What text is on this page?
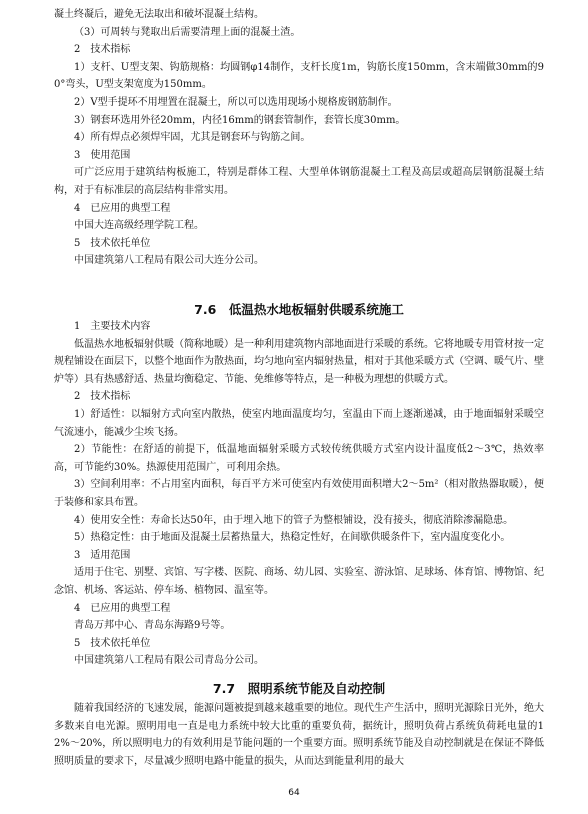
凝土终凝后，避免无法取出和破坏混凝土结构。

（3）可周转与凳取出后需要清理上面的混凝土渣。

2　技术指标

1）支杆、U型支架、钩筋规格：均圆钢φ14制作，支杆长度1m，钩筋长度150mm，含末端做30mm的90°弯头，U型支架宽度为150mm。

2）V型手提环不用埋置在混凝土，所以可以选用现场小规格废钢筋制作。

3）钢套环选用外径20mm，内径16mm的钢套管制作，套管长度30mm。

4）所有焊点必须焊牢固，尤其是钢套环与钩筋之间。

3　使用范围

可广泛应用于建筑结构板施工，特别是群体工程、大型单体钢筋混凝土工程及高层或超高层钢筋混凝土结构，对于有标准层的高层结构非常实用。

4　已应用的典型工程

中国大连高级经理学院工程。

5　技术依托单位

中国建筑第八工程局有限公司大连分公司。

7.6　低温热水地板辐射供暖系统施工

1　主要技术内容

低温热水地板辐射供暖（简称地暖）是一种利用建筑物内部地面进行采暖的系统。它将地暖专用管材按一定规程铺设在面层下，以整个地面作为散热面，均匀地向室内辐射热量，相对于其他采暖方式（空调、暖气片、壁炉等）具有热感舒适、热量均衡稳定、节能、免维修等特点，是一种极为理想的供暖方式。

2　技术指标

1）舒适性：以辐射方式向室内散热，使室内地面温度均匀，室温由下而上逐渐递减，由于地面辐射采暖空气流速小，能减少尘埃飞扬。

2）节能性：在舒适的前提下，低温地面辐射采暖方式较传统供暖方式室内设计温度低2～3℃，热效率高，可节能约30%。热源使用范围广，可利用余热。

3）空间利用率：不占用室内面积，每百平方米可使室内有效使用面积增大2～5m²（相对散热器取暖），便于装修和家具布置。

4）使用安全性：寿命长达50年，由于埋入地下的管子为整根铺设，没有接头，彻底消除渗漏隐患。

5）热稳定性：由于地面及混凝土层蓄热量大，热稳定性好，在间歇供暖条件下，室内温度变化小。

3　适用范围

适用于住宅、别墅、宾馆、写字楼、医院、商场、幼儿园、实验室、游泳馆、足球场、体育馆、博物馆、纪念馆、机场、客运站、停车场、植物园、温室等。

4　已应用的典型工程

青岛万邦中心、青岛东海路9号等。

5　技术依托单位

中国建筑第八工程局有限公司青岛分公司。

7.7　照明系统节能及自动控制

随着我国经济的飞速发展，能源问题被提到越来越重要的地位。现代生产生活中，照明光源除日光外，绝大多数来自电光源。照明用电一直是电力系统中较大比重的重要负荷，据统计，照明负荷占系统负荷耗电量的12%～20%，所以照明电力的有效利用是节能问题的一个重要方面。照明系统节能及自动控制就是在保证不降低照明质量的要求下，尽量减少照明电路中能量的损失，从而达到能量利用的最大

64
